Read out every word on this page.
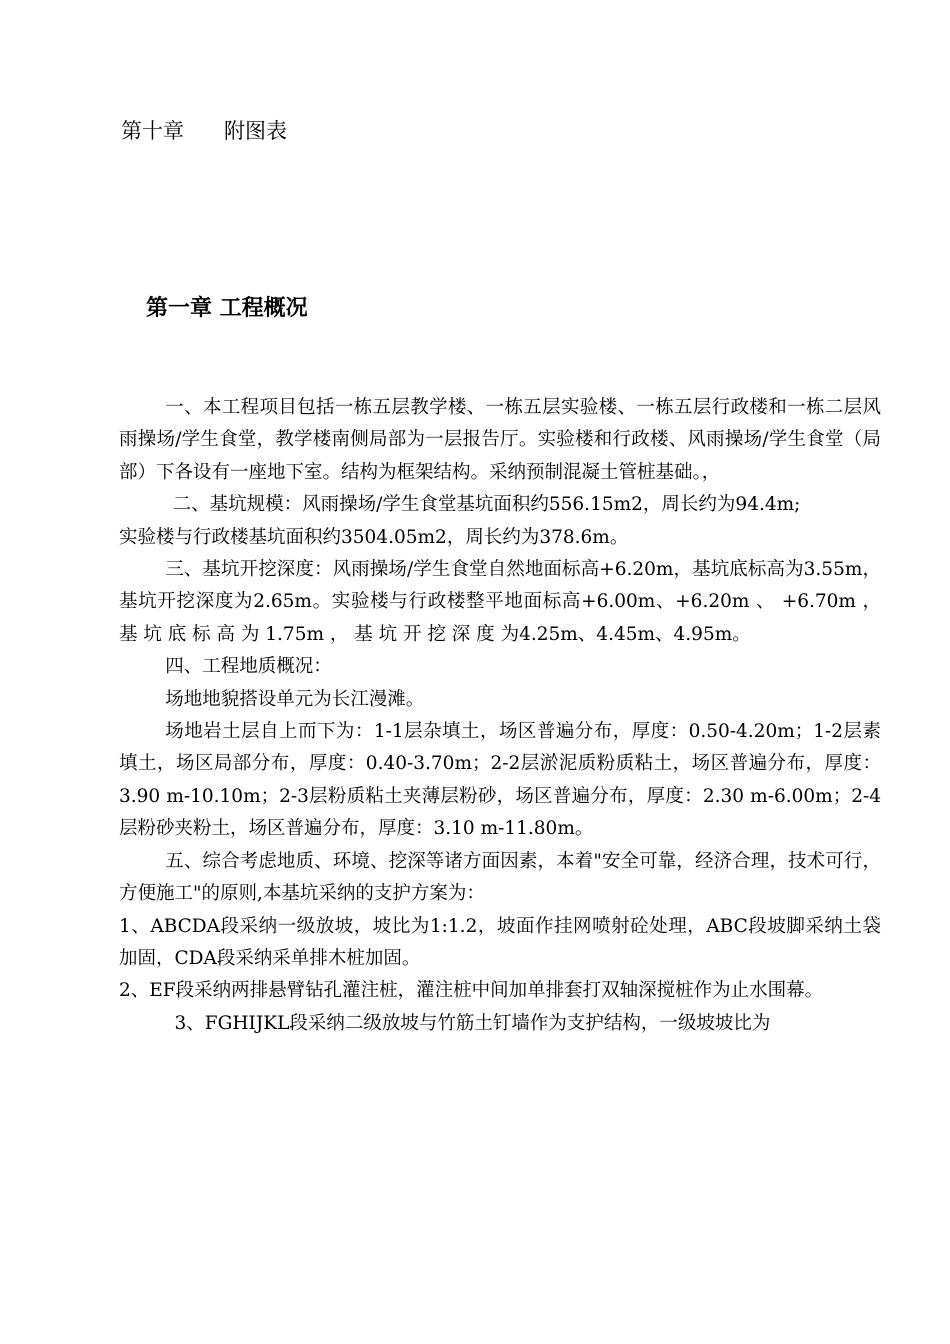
第十章 附图表
第一章 工程概况

一、本工程项目包括一栋五层教学楼、一栋五层实验楼、一栋五层行政楼和一栋二层风雨操场/学生食堂，教学楼南侧局部为一层报告厅。实验楼和行政楼、风雨操场/学生食堂（局部）下各设有一座地下室。结构为框架结构。采纳预制混凝土管桩基础。，

二、基坑规模：风雨操场/学生食堂基坑面积约556.15m2，周长约为94.4m;

实验楼与行政楼基坑面积约3504.05m2，周长约为378.6m。

三、基坑开挖深度：风雨操场/学生食堂自然地面标高+6.20m，基坑底标高为3.55m，基坑开挖深度为2.65m。实验楼与行政楼整平地面标高+6.00m、+6.20m 、 +6.70m ， 基 坑 底 标 高 为 1.75m ， 基 坑 开 挖 深 度 为4.25m、4.45m、4.95m。

四、工程地质概况：

场地地貌搭设单元为长江漫滩。

场地岩土层自上而下为：1-1层杂填土，场区普遍分布，厚度：0.50-4.20m；1-2层素填土，场区局部分布，厚度：0.40-3.70m；2-2层淤泥质粉质粘土，场区普遍分布，厚度：3.90 m-10.10m；2-3层粉质粘土夹薄层粉砂，场区普遍分布，厚度：2.30 m-6.00m；2-4层粉砂夹粉土，场区普遍分布，厚度：3.10 m-11.80m。

五、综合考虑地质、环境、挖深等诸方面因素，本着"安全可靠，经济合理，技术可行，方便施工"的原则,本基坑采纳的支护方案为：

1、ABCDA段采纳一级放坡，坡比为1:1.2，坡面作挂网喷射砼处理，ABC段坡脚采纳土袋加固，CDA段采纳采单排木桩加固。

2、EF段采纳两排悬臂钻孔灌注桩，灌注桩中间加单排套打双轴深搅桩作为止水围幕。

3、FGHIJKL段采纳二级放坡与竹筋土钉墙作为支护结构，一级坡坡比为
